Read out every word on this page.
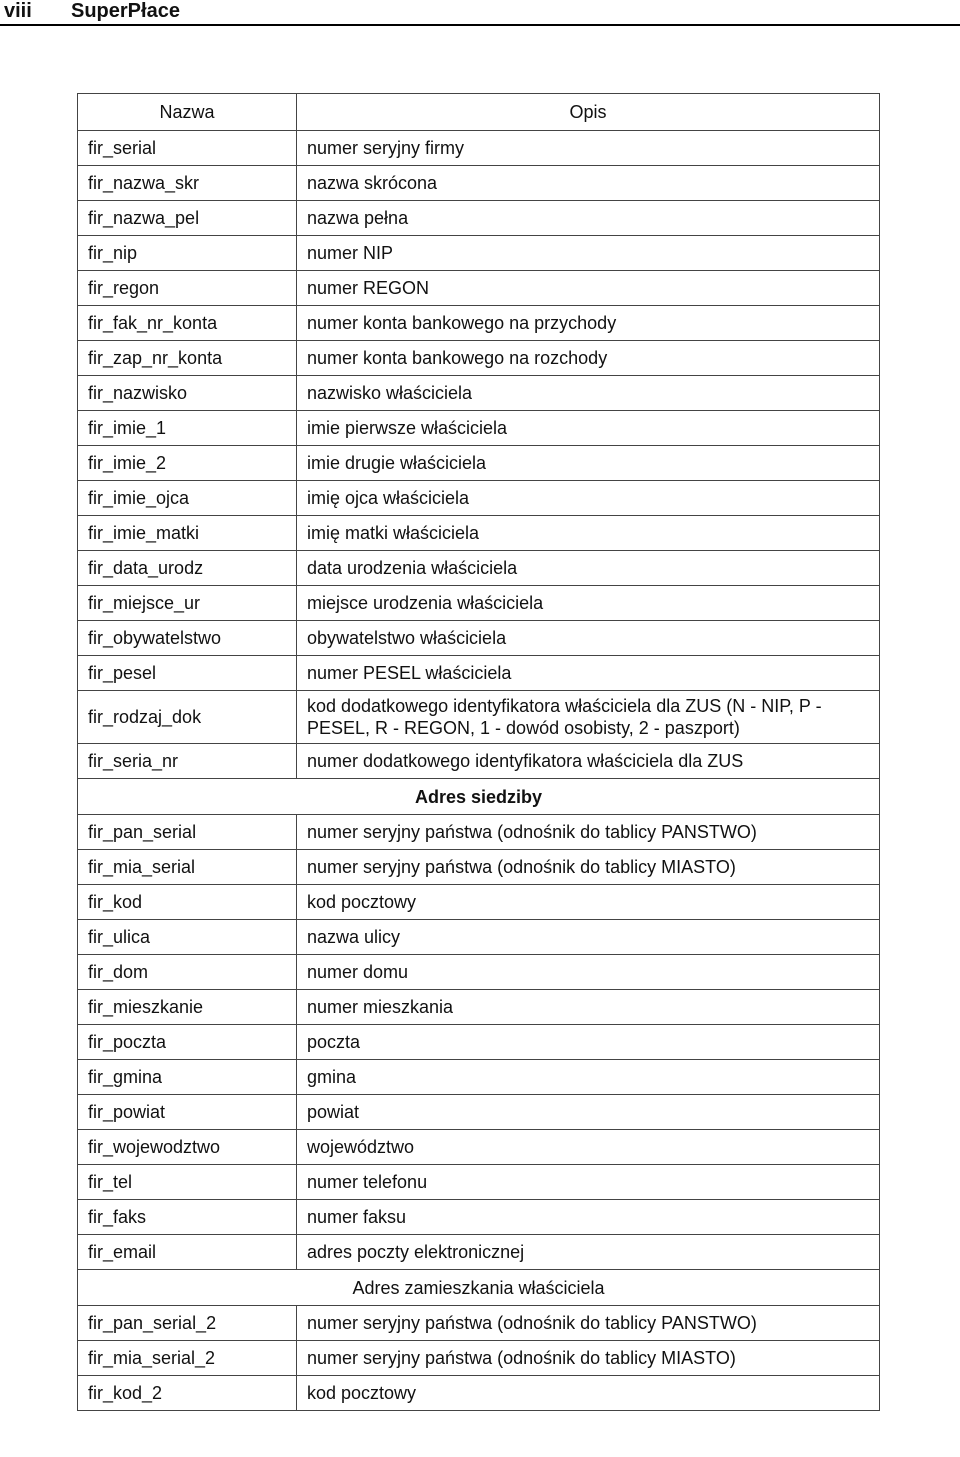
viii SuperPłace
Nazwa	Opis
fir_serial	numer seryjny firmy
fir_nazwa_skr	nazwa skrócona
fir_nazwa_pel	nazwa pełna
fir_nip	numer NIP
fir_regon	numer REGON
fir_fak_nr_konta	numer konta bankowego na przychody
fir_zap_nr_konta	numer konta bankowego na rozchody
fir_nazwisko	nazwisko właściciela
fir_imie_1	imie pierwsze właściciela
fir_imie_2	imie drugie właściciela
fir_imie_ojca	imię ojca właściciela
fir_imie_matki	imię matki właściciela
fir_data_urodz	data urodzenia właściciela
fir_miejsce_ur	miejsce urodzenia właściciela
fir_obywatelstwo	obywatelstwo właściciela
fir_pesel	numer PESEL właściciela
fir_rodzaj_dok	kod dodatkowego identyfikatora właściciela dla ZUS (N - NIP, P - PESEL, R - REGON, 1 - dowód osobisty, 2 - paszport)
fir_seria_nr	numer dodatkowego identyfikatora właściciela dla ZUS
Adres siedziby	
fir_pan_serial	numer seryjny państwa (odnośnik do tablicy PANSTWO)
fir_mia_serial	numer seryjny państwa (odnośnik do tablicy MIASTO)
fir_kod	kod pocztowy
fir_ulica	nazwa ulicy
fir_dom	numer domu
fir_mieszkanie	numer mieszkania
fir_poczta	poczta
fir_gmina	gmina
fir_powiat	powiat
fir_wojewodztwo	województwo
fir_tel	numer telefonu
fir_faks	numer faksu
fir_email	adres poczty elektronicznej
Adres zamieszkania właściciela	
fir_pan_serial_2	numer seryjny państwa (odnośnik do tablicy PANSTWO)
fir_mia_serial_2	numer seryjny państwa (odnośnik do tablicy MIASTO)
fir_kod_2	kod pocztowy
